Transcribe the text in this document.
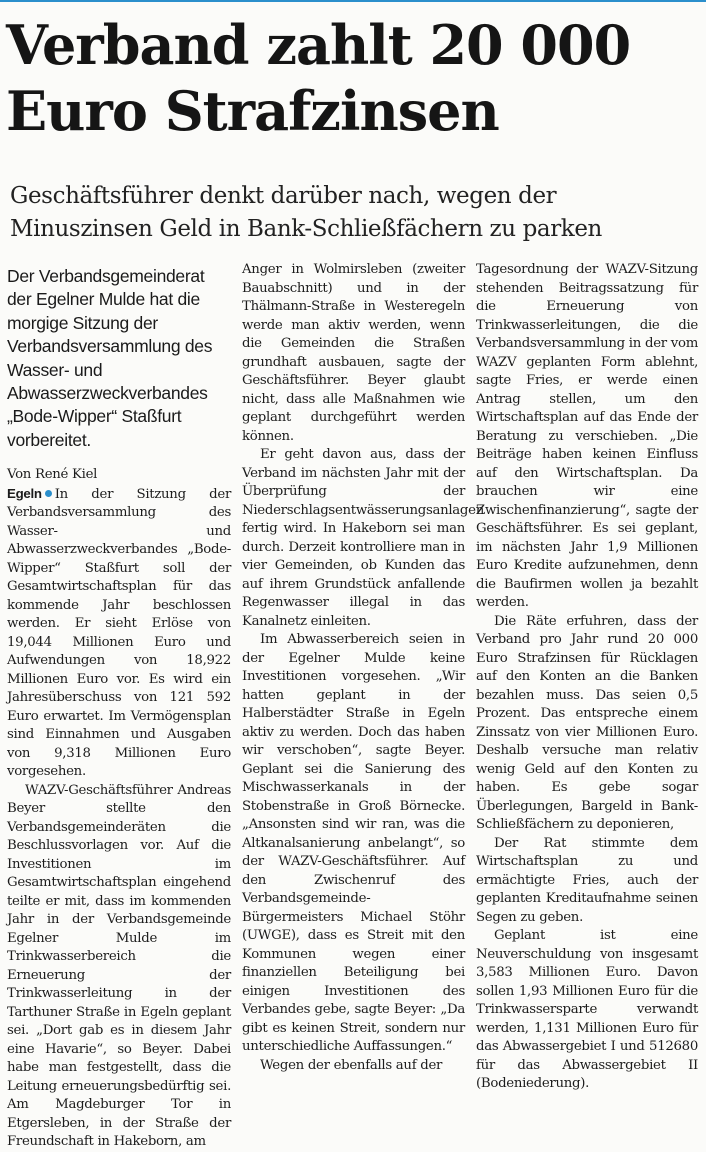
Verband zahlt 20 000
Euro Strafzinsen
Geschäftsführer denkt darüber nach, wegen der
Minuszinsen Geld in Bank-Schließfächern zu parken
Der Verbandsgemeinderat der Egelner Mulde hat die morgige Sitzung der Verbandsversammlung des Wasser- und Abwasserzweckverbandes „Bode-Wipper“ Staßfurt vorbereitet.
Von René Kiel

Egeln In der Sitzung der Verbandsversammlung des Wasser- und Abwasserzweckverbandes „Bode-Wipper“ Staßfurt soll der Gesamtwirtschaftsplan für das kommende Jahr beschlossen werden. Er sieht Erlöse von 19,044 Millionen Euro und Aufwendungen von 18,922 Millionen Euro vor. Es wird ein Jahresüberschuss von 121 592 Euro erwartet. Im Vermögensplan sind Einnahmen und Ausgaben von 9,318 Millionen Euro vorgesehen.

WAZV-Geschäftsführer Andreas Beyer stellte den Verbandsgemeinderäten die Beschlussvorlagen vor. Auf die Investitionen im Gesamtwirtschaftsplan eingehend teilte er mit, dass im kommenden Jahr in der Verbandsgemeinde Egelner Mulde im Trinkwasserbereich die Erneuerung der Trinkwasserleitung in der Tarthuner Straße in Egeln geplant sei. „Dort gab es in diesem Jahr eine Havarie“, so Beyer. Dabei habe man festgestellt, dass die Leitung erneuerungsbedürftig sei. Am Magdeburger Tor in Etgersleben, in der Straße der Freundschaft in Hakeborn, am

Anger in Wolmirsleben (zweiter Bauabschnitt) und in der Thälmann-Straße in Westeregeln werde man aktiv werden, wenn die Gemeinden die Straßen grundhaft ausbauen, sagte der Geschäftsführer. Beyer glaubt nicht, dass alle Maßnahmen wie geplant durchgeführt werden können.

Er geht davon aus, dass der Verband im nächsten Jahr mit der Überprüfung der Niederschlagsentwässerungsanlagen fertig wird. In Hakeborn sei man durch. Derzeit kontrolliere man in vier Gemeinden, ob Kunden das auf ihrem Grundstück anfallende Regenwasser illegal in das Kanalnetz einleiten.

Im Abwasserbereich seien in der Egelner Mulde keine Investitionen vorgesehen. „Wir hatten geplant in der Halberstädter Straße in Egeln aktiv zu werden. Doch das haben wir verschoben“, sagte Beyer. Geplant sei die Sanierung des Mischwasserkanals in der Stobenstraße in Groß Börnecke. „Ansonsten sind wir ran, was die Altkanalsanierung anbelangt“, so der WAZV-Geschäftsführer. Auf den Zwischenruf des Verbandsgemeinde-Bürgermeisters Michael Stöhr (UWGE), dass es Streit mit den Kommunen wegen einer finanziellen Beteiligung bei einigen Investitionen des Verbandes gebe, sagte Beyer: „Da gibt es keinen Streit, sondern nur unterschiedliche Auffassungen.“

Wegen der ebenfalls auf der

Tagesordnung der WAZV-Sitzung stehenden Beitragssatzung für die Erneuerung von Trinkwasserleitungen, die die Verbandsversammlung in der vom WAZV geplanten Form ablehnt, sagte Fries, er werde einen Antrag stellen, um den Wirtschaftsplan auf das Ende der Beratung zu verschieben. „Die Beiträge haben keinen Einfluss auf den Wirtschaftsplan. Da brauchen wir eine Zwischenfinanzierung“, sagte der Geschäftsführer. Es sei geplant, im nächsten Jahr 1,9 Millionen Euro Kredite aufzunehmen, denn die Baufirmen wollen ja bezahlt werden.

Die Räte erfuhren, dass der Verband pro Jahr rund 20 000 Euro Strafzinsen für Rücklagen auf den Konten an die Banken bezahlen muss. Das seien 0,5 Prozent. Das entspreche einem Zinssatz von vier Millionen Euro. Deshalb versuche man relativ wenig Geld auf den Konten zu haben. Es gebe sogar Überlegungen, Bargeld in Bank-Schließfächern zu deponieren,

Der Rat stimmte dem Wirtschaftsplan zu und ermächtigte Fries, auch der geplanten Kreditaufnahme seinen Segen zu geben.

Geplant ist eine Neuverschuldung von insgesamt 3,583 Millionen Euro. Davon sollen 1,93 Millionen Euro für die Trinkwassersparte verwandt werden, 1,131 Millionen Euro für das Abwassergebiet I und 512680 für das Abwassergebiet II (Bodeniederung).
